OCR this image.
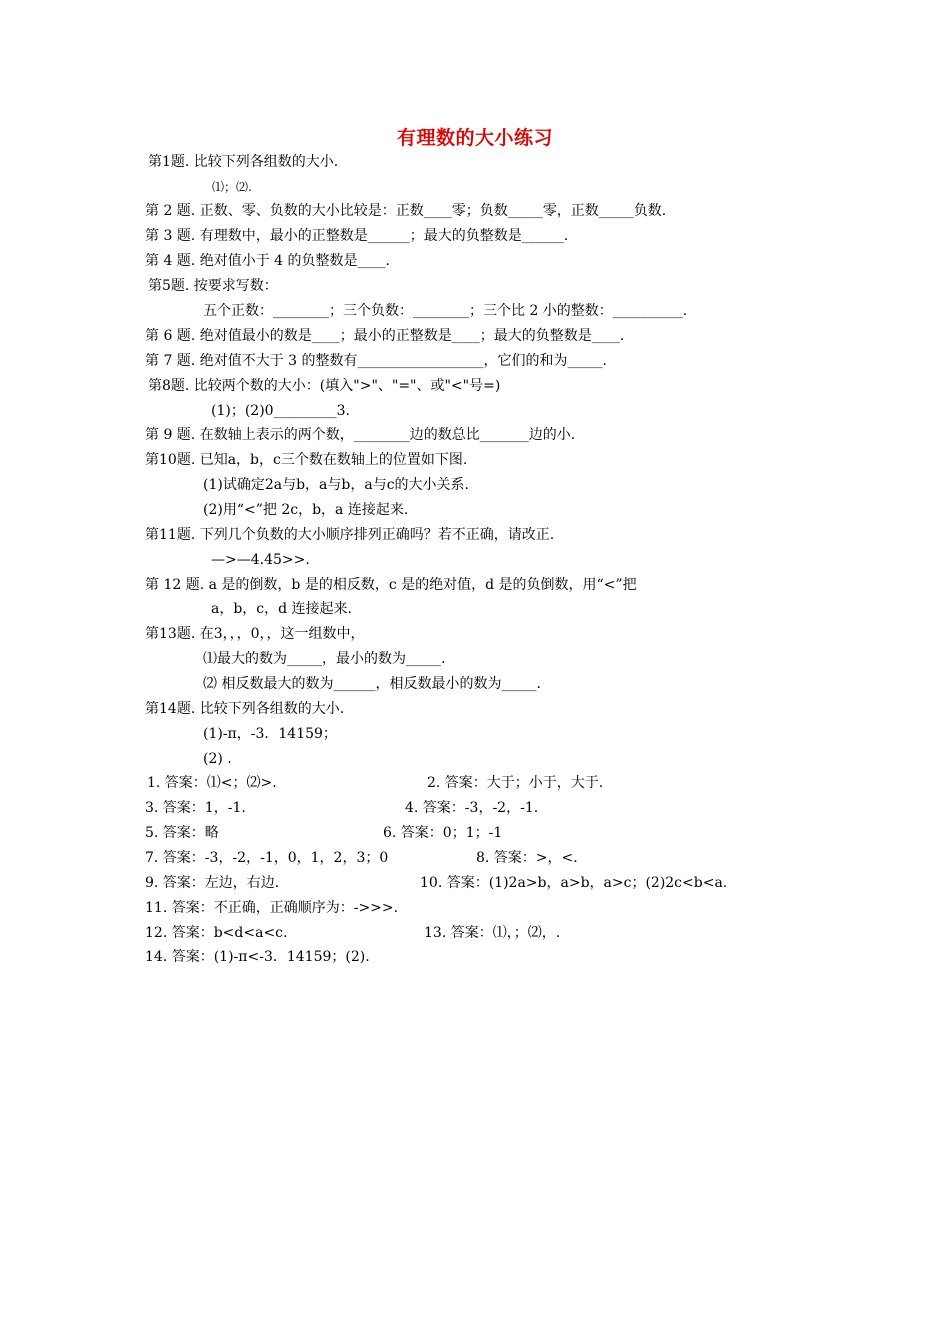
有理数的大小练习
第1题. 比较下列各组数的大小.
⑴；⑵.
第 2 题. 正数、零、负数的大小比较是：正数____零；负数_____零，正数_____负数.
第 3 题. 有理数中，最小的正整数是______；最大的负整数是______.
第 4 题. 绝对值小于 4 的负整数是____.
第5题. 按要求写数：
五个正数：________；三个负数：________；三个比 2 小的整数：__________.
第 6 题. 绝对值最小的数是____；最小的正整数是____；最大的负整数是____.
第 7 题. 绝对值不大于 3 的整数有__________________，它们的和为_____.
第8题. 比较两个数的大小：(填入">"、"="、或"<"号=)
(1)；(2)0_________3.
第 9 题. 在数轴上表示的两个数，________边的数总比_______边的小.
第10题. 已知a，b，c三个数在数轴上的位置如下图.
(1)试确定2a与b，a与b，a与c的大小关系.
(2)用“<”把 2c，b，a 连接起来.
第11题. 下列几个负数的大小顺序排列正确吗？若不正确，请改正.
—>—4.45>>.
第 12 题. a 是的倒数，b 是的相反数，c 是的绝对值，d 是的负倒数，用“<”把
a，b，c，d 连接起来.
第13题. 在3，，，0，，这一组数中，
⑴最大的数为_____，最小的数为_____.
⑵ 相反数最大的数为______，相反数最小的数为_____.
第14题. 比较下列各组数的大小.
(1)-π，-3．14159；
(2) .
1. 答案：⑴<；⑵>.	2. 答案：大于；小于，大于.
3. 答案：1，-1.	4. 答案：-3，-2，-1.
5. 答案：略	6. 答案：0；1；-1
7. 答案：-3，-2，-1，0，1，2，3；0	8. 答案：>，<.
9. 答案：左边，右边.	10. 答案：(1)2a>b，a>b，a>c；(2)2c<b<a.
11. 答案：不正确，正确顺序为：->>>.
12. 答案：b<d<a<c.	13. 答案：⑴，；⑵，.
14. 答案：(1)-π<-3．14159；(2).
